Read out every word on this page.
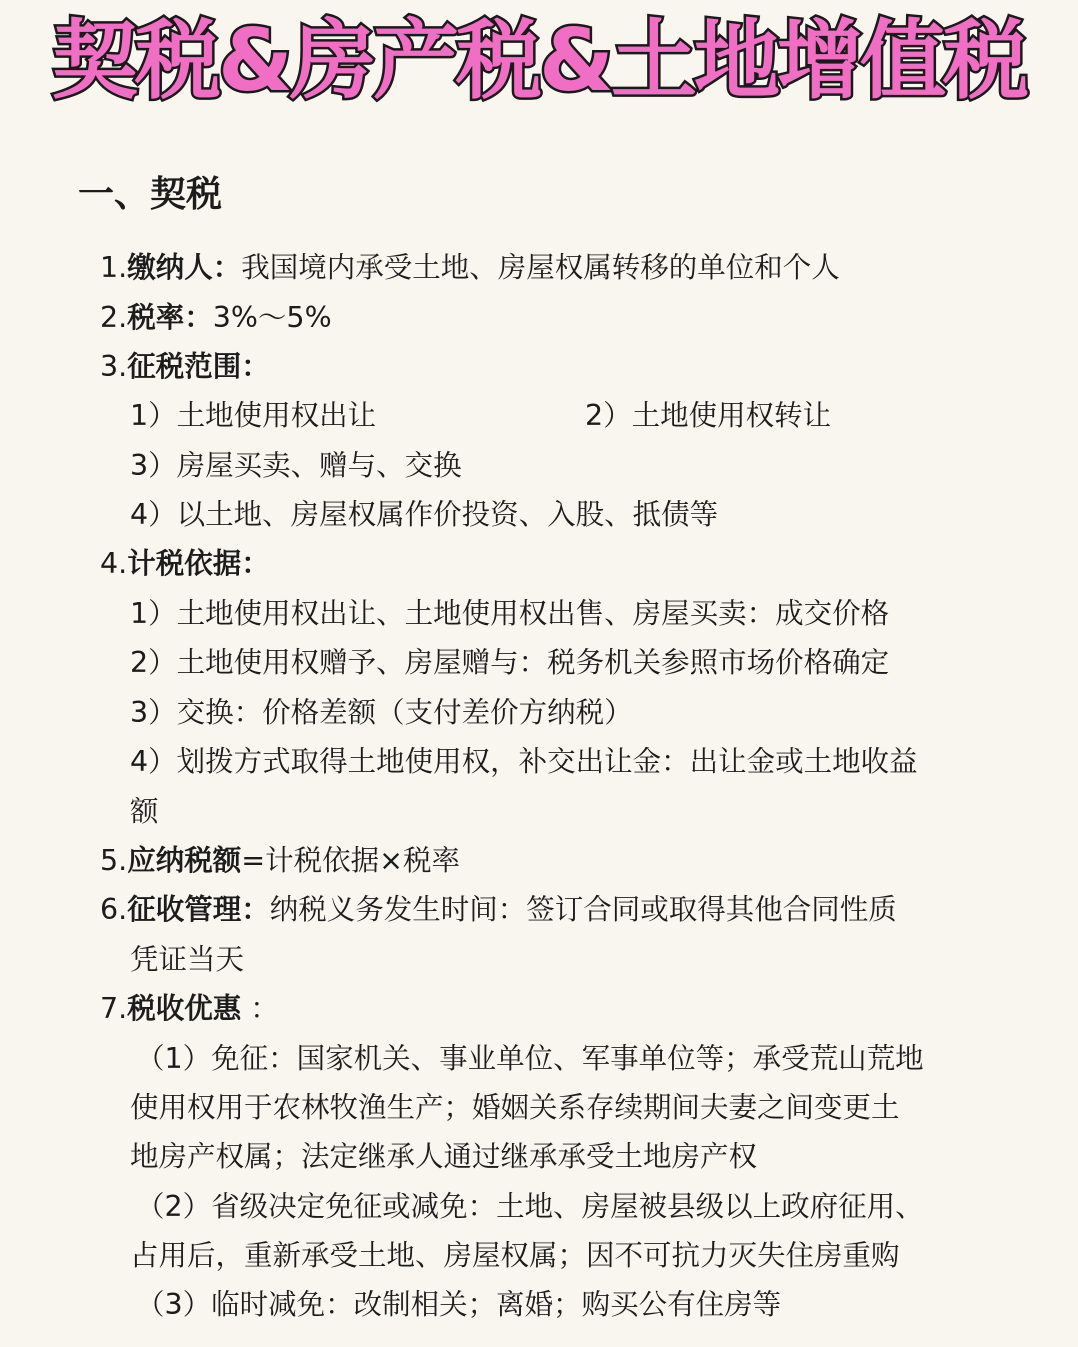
契税&房产税&土地增值税
一、契税
1.缴纳人：我国境内承受土地、房屋权属转移的单位和个人
2.税率：3%～5%
3.征税范围：
1）土地使用权出让	2）土地使用权转让
3）房屋买卖、赠与、交换
4）以土地、房屋权属作价投资、入股、抵债等
4.计税依据：
1）土地使用权出让、土地使用权出售、房屋买卖：成交价格
2）土地使用权赠予、房屋赠与：税务机关参照市场价格确定
3）交换：价格差额（支付差价方纳税）
4）划拨方式取得土地使用权，补交出让金：出让金或土地收益
额
5.应纳税额=计税依据×税率
6.征收管理：纳税义务发生时间：签订合同或取得其他合同性质
凭证当天
7.税收优惠 ：
（1）免征：国家机关、事业单位、军事单位等；承受荒山荒地
使用权用于农林牧渔生产；婚姻关系存续期间夫妻之间变更土
地房产权属；法定继承人通过继承承受土地房产权
（2）省级决定免征或减免：土地、房屋被县级以上政府征用、
占用后，重新承受土地、房屋权属；因不可抗力灭失住房重购
（3）临时减免：改制相关；离婚；购买公有住房等
